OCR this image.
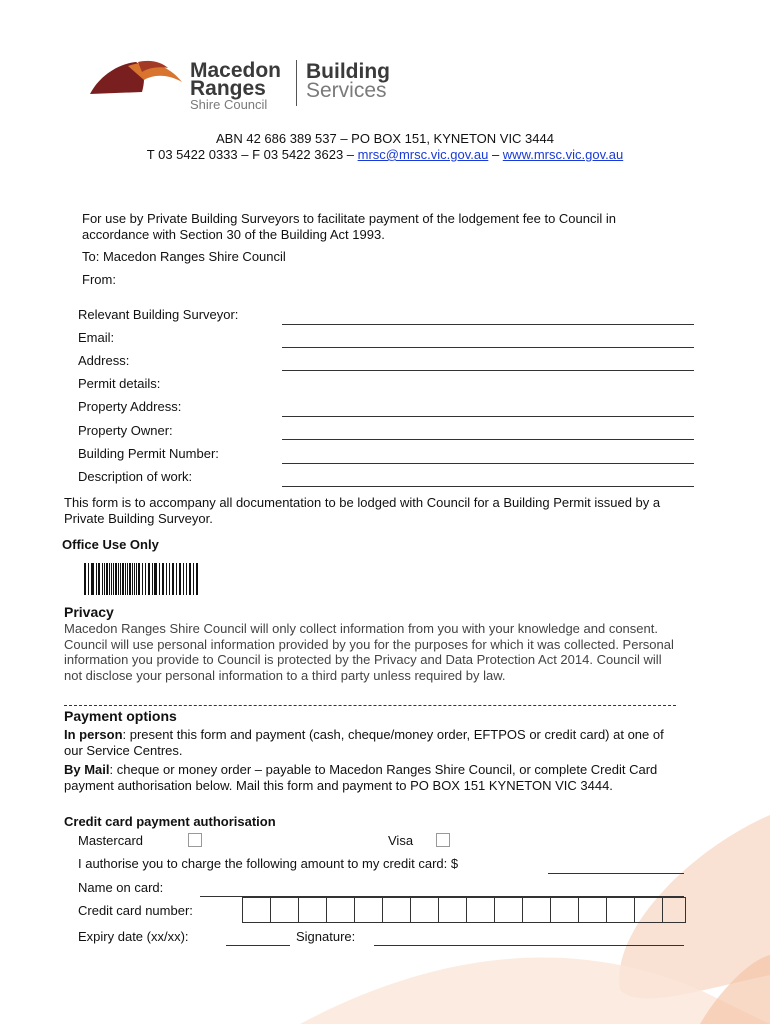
Macedon
Ranges
Shire Council
Building
Services
ABN 42 686 389 537 – PO BOX 151, KYNETON VIC 3444
T 03 5422 0333 – F 03 5422 3623 – mrsc@mrsc.vic.gov.au – www.mrsc.vic.gov.au
For use by Private Building Surveyors to facilitate payment of the lodgement fee to Council in accordance with Section 30 of the Building Act 1993.
To: Macedon Ranges Shire Council
From:
Relevant Building Surveyor:
Email:
Address:
Permit details:
Property Address:
Property Owner:
Building Permit Number:
Description of work:
This form is to accompany all documentation to be lodged with Council for a Building Permit issued by a Private Building Surveyor.
Office Use Only
Privacy
Macedon Ranges Shire Council will only collect information from you with your knowledge and consent. Council will use personal information provided by you for the purposes for which it was collected. Personal information you provide to Council is protected by the Privacy and Data Protection Act 2014. Council will not disclose your personal information to a third party unless required by law.
Payment options
In person: present this form and payment (cash, cheque/money order, EFTPOS or credit card) at one of our Service Centres.
By Mail: cheque or money order – payable to Macedon Ranges Shire Council, or complete Credit Card payment authorisation below. Mail this form and payment to PO BOX 151 KYNETON VIC 3444.
Credit card payment authorisation
Mastercard	Visa
I authorise you to charge the following amount to my credit card: $
Name on card:
Credit card number:
Expiry date (xx/xx):	Signature:
